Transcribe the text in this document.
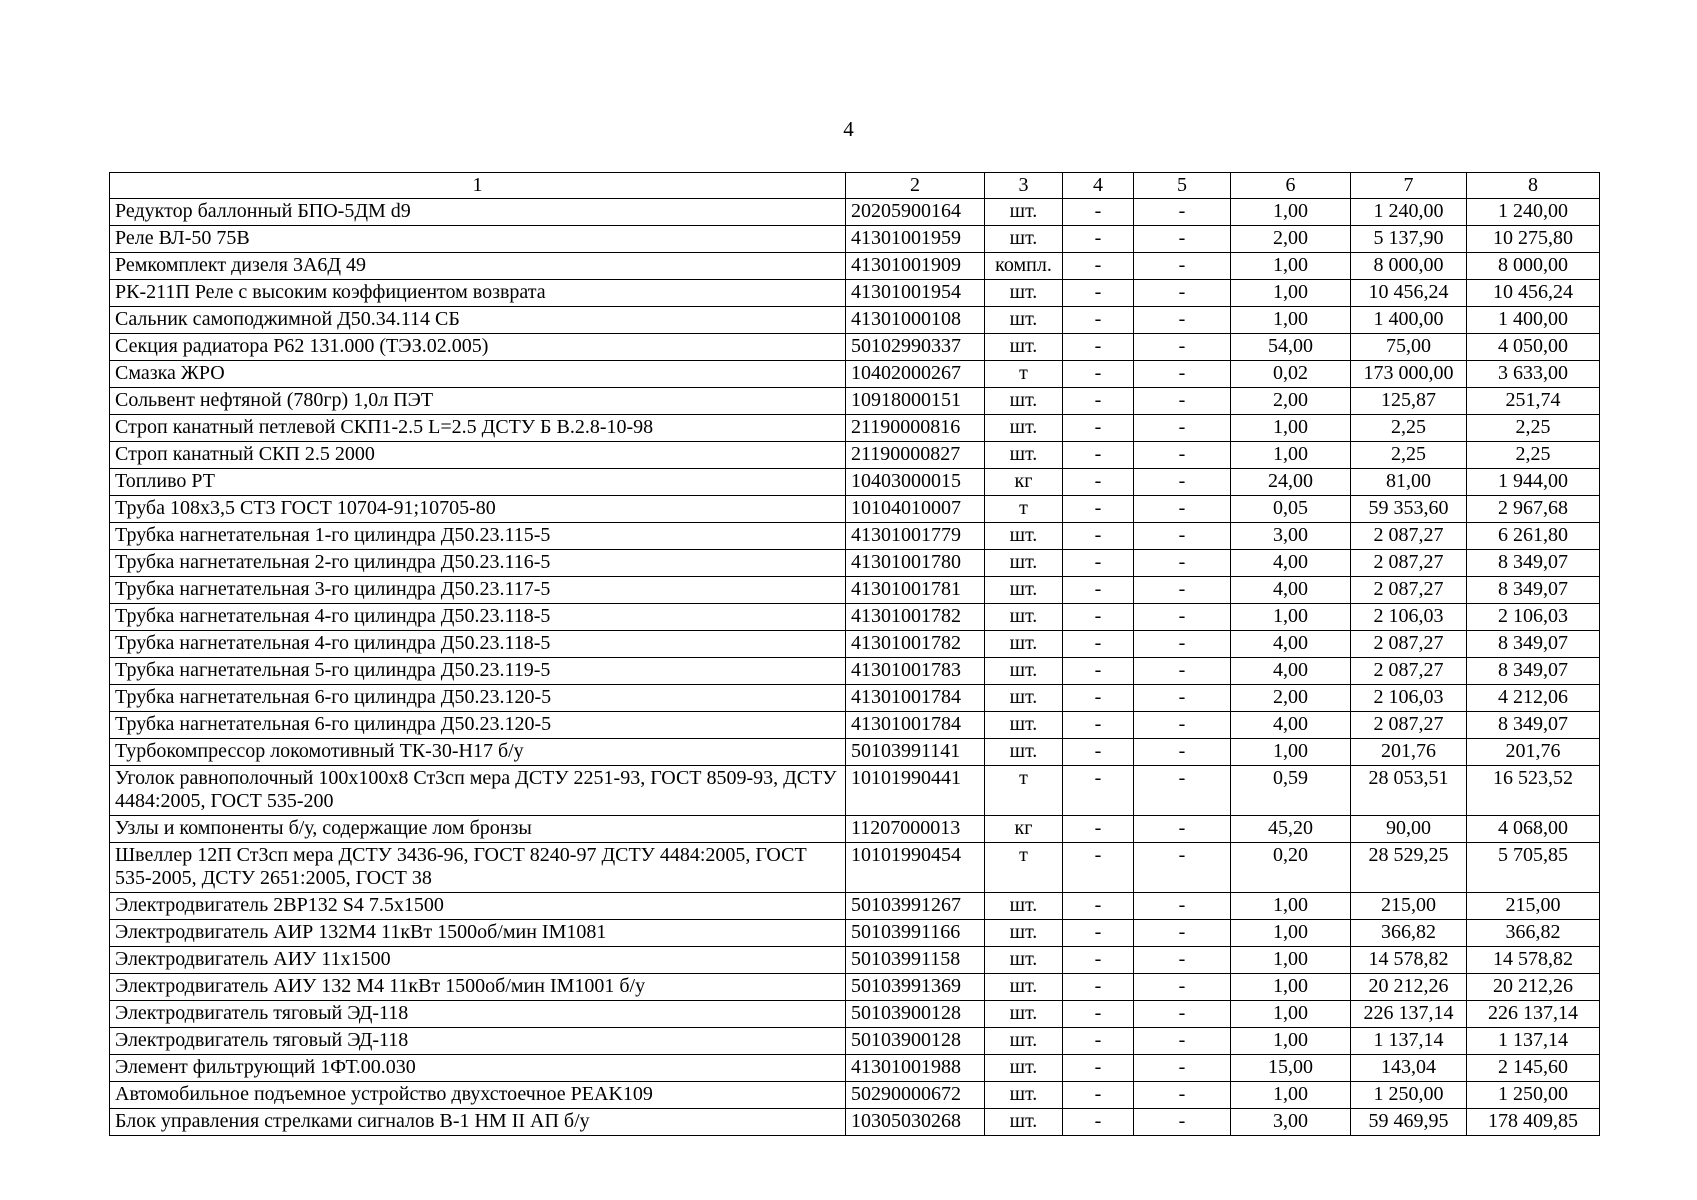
4
1	2	3	4	5	6	7	8
Редуктор баллонный БПО-5ДМ d9	20205900164	шт.	-	-	1,00	1 240,00	1 240,00
Реле ВЛ-50 75В	41301001959	шт.	-	-	2,00	5 137,90	10 275,80
Ремкомплект дизеля 3А6Д 49	41301001909	компл.	-	-	1,00	8 000,00	8 000,00
РК-211П Реле с высоким коэффициентом возврата	41301001954	шт.	-	-	1,00	10 456,24	10 456,24
Сальник самоподжимной Д50.34.114 СБ	41301000108	шт.	-	-	1,00	1 400,00	1 400,00
Секция радиатора Р62 131.000 (ТЭЗ.02.005)	50102990337	шт.	-	-	54,00	75,00	4 050,00
Смазка ЖРО	10402000267	т	-	-	0,02	173 000,00	3 633,00
Сольвент нефтяной (780гр) 1,0л ПЭТ	10918000151	шт.	-	-	2,00	125,87	251,74
Строп канатный петлевой СКП1-2.5 L=2.5 ДСТУ Б В.2.8-10-98	21190000816	шт.	-	-	1,00	2,25	2,25
Строп канатный СКП 2.5 2000	21190000827	шт.	-	-	1,00	2,25	2,25
Топливо РТ	10403000015	кг	-	-	24,00	81,00	1 944,00
Труба 108х3,5 СТ3 ГОСТ 10704-91;10705-80	10104010007	т	-	-	0,05	59 353,60	2 967,68
Трубка нагнетательная 1-го цилиндра Д50.23.115-5	41301001779	шт.	-	-	3,00	2 087,27	6 261,80
Трубка нагнетательная 2-го цилиндра Д50.23.116-5	41301001780	шт.	-	-	4,00	2 087,27	8 349,07
Трубка нагнетательная 3-го цилиндра Д50.23.117-5	41301001781	шт.	-	-	4,00	2 087,27	8 349,07
Трубка нагнетательная 4-го цилиндра Д50.23.118-5	41301001782	шт.	-	-	1,00	2 106,03	2 106,03
Трубка нагнетательная 4-го цилиндра Д50.23.118-5	41301001782	шт.	-	-	4,00	2 087,27	8 349,07
Трубка нагнетательная 5-го цилиндра Д50.23.119-5	41301001783	шт.	-	-	4,00	2 087,27	8 349,07
Трубка нагнетательная 6-го цилиндра Д50.23.120-5	41301001784	шт.	-	-	2,00	2 106,03	4 212,06
Трубка нагнетательная 6-го цилиндра Д50.23.120-5	41301001784	шт.	-	-	4,00	2 087,27	8 349,07
Турбокомпрессор локомотивный ТК-30-Н17 б/у	50103991141	шт.	-	-	1,00	201,76	201,76
Уголок равнополочный 100х100х8 Ст3сп мера ДСТУ 2251-93, ГОСТ 8509-93, ДСТУ 4484:2005, ГОСТ 535-200	10101990441	т	-	-	0,59	28 053,51	16 523,52
Узлы и компоненты б/у, содержащие лом бронзы	11207000013	кг	-	-	45,20	90,00	4 068,00
Швеллер 12П Ст3сп мера ДСТУ 3436-96, ГОСТ 8240-97 ДСТУ 4484:2005, ГОСТ 535-2005, ДСТУ 2651:2005, ГОСТ 38	10101990454	т	-	-	0,20	28 529,25	5 705,85
Электродвигатель 2ВР132 S4 7.5х1500	50103991267	шт.	-	-	1,00	215,00	215,00
Электродвигатель АИР 132М4 11кВт 1500об/мин IM1081	50103991166	шт.	-	-	1,00	366,82	366,82
Электродвигатель АИУ 11х1500	50103991158	шт.	-	-	1,00	14 578,82	14 578,82
Электродвигатель АИУ 132 М4 11кВт 1500об/мин IM1001 б/у	50103991369	шт.	-	-	1,00	20 212,26	20 212,26
Электродвигатель тяговый ЭД-118	50103900128	шт.	-	-	1,00	226 137,14	226 137,14
Электродвигатель тяговый ЭД-118	50103900128	шт.	-	-	1,00	1 137,14	1 137,14
Элемент фильтрующий 1ФТ.00.030	41301001988	шт.	-	-	15,00	143,04	2 145,60
Автомобильное подъемное устройство двухстоечное PEAK109	50290000672	шт.	-	-	1,00	1 250,00	1 250,00
Блок управления стрелками сигналов В-1 НМ II АП б/у	10305030268	шт.	-	-	3,00	59 469,95	178 409,85
